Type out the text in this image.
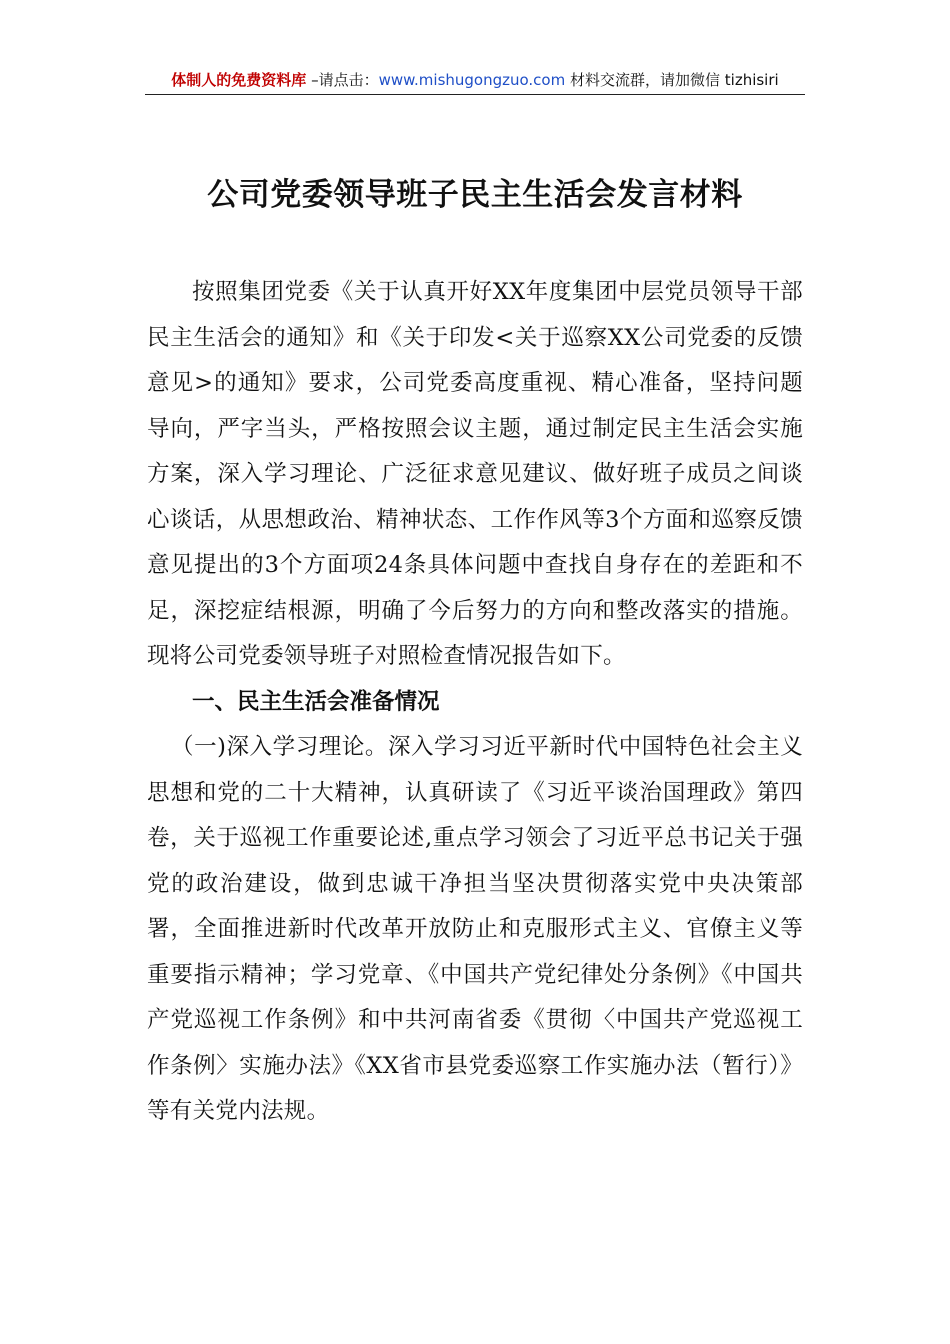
体制人的免费资料库 –请点击：www.mishugongzuo.com 材料交流群，请加微信 tizhisiri
公司党委领导班子民主生活会发言材料

按照集团党委《关于认真开好XX年度集团中层党员领导干部民主生活会的通知》和《关于印发<关于巡察XX公司党委的反馈意见>的通知》要求，公司党委高度重视、精心准备，坚持问题导向，严字当头，严格按照会议主题，通过制定民主生活会实施方案，深入学习理论、广泛征求意见建议、做好班子成员之间谈心谈话，从思想政治、精神状态、工作作风等3个方面和巡察反馈意见提出的3个方面项24条具体问题中查找自身存在的差距和不足，深挖症结根源，明确了今后努力的方向和整改落实的措施。现将公司党委领导班子对照检查情况报告如下。

一、民主生活会准备情况

（一)深入学习理论。深入学习习近平新时代中国特色社会主义思想和党的二十大精神，认真研读了《习近平谈治国理政》第四卷，关于巡视工作重要论述,重点学习领会了习近平总书记关于强党的政治建设，做到忠诚干净担当坚决贯彻落实党中央决策部署，全面推进新时代改革开放防止和克服形式主义、官僚主义等重要指示精神；学习党章、《中国共产党纪律处分条例》《中国共产党巡视工作条例》和中共河南省委《贯彻〈中国共产党巡视工作条例〉实施办法》《XX省市县党委巡察工作实施办法（暂行）》等有关党内法规。
